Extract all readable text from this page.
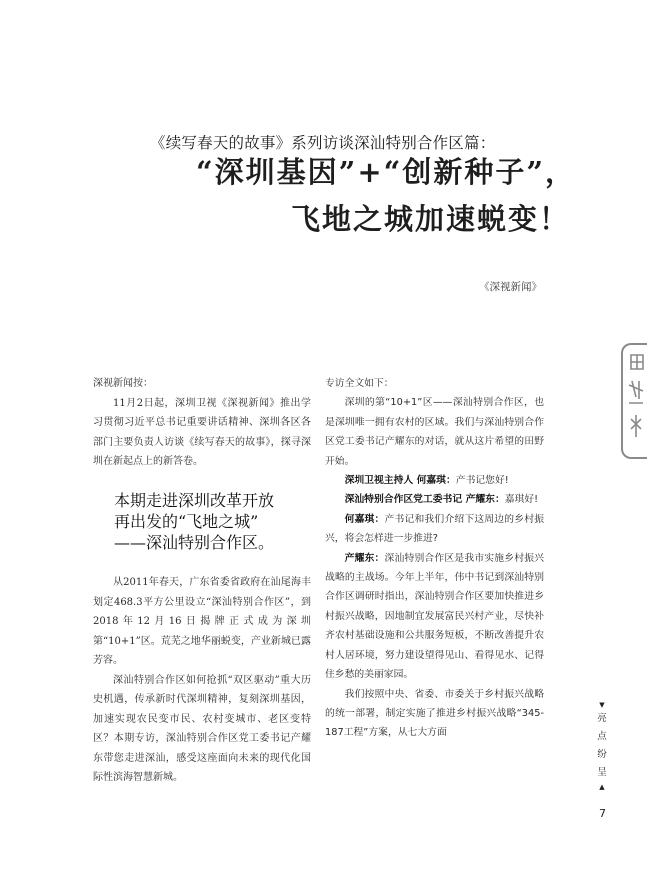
《续写春天的故事》系列访谈深汕特别合作区篇：
“深圳基因”+“创新种子”，
飞地之城加速蜕变！
《深视新闻》

深视新闻按：

11月2日起，深圳卫视《深视新闻》推出学习贯彻习近平总书记重要讲话精神、深圳各区各部门主要负责人访谈《续写春天的故事》，探寻深圳在新起点上的新答卷。

本期走进深圳改革开放
再出发的“飞地之城”
——深汕特别合作区。

从2011年春天，广东省委省政府在汕尾海丰划定468.3平方公里设立“深汕特别合作区”，到2018年12月16日揭牌正式成为深圳第“10+1”区。荒芜之地华丽蜕变，产业新城已露芳容。

深汕特别合作区如何抢抓“双区驱动”重大历史机遇，传承新时代深圳精神，复刻深圳基因，加速实现农民变市民、农村变城市、老区变特区？本期专访，深汕特别合作区党工委书记产耀东带您走进深汕，感受这座面向未来的现代化国际性滨海智慧新城。

专访全文如下：

深圳的第“10+1”区——深汕特别合作区，也是深圳唯一拥有农村的区域。我们与深汕特别合作区党工委书记产耀东的对话，就从这片希望的田野开始。

深圳卫视主持人 何嘉琪：产书记您好!

深汕特别合作区党工委书记 产耀东：嘉琪好!

何嘉琪：产书记和我们介绍下这周边的乡村振兴，将会怎样进一步推进?

产耀东：深汕特别合作区是我市实施乡村振兴战略的主战场。今年上半年，伟中书记到深汕特别合作区调研时指出，深汕特别合作区要加快推进乡村振兴战略，因地制宜发展富民兴村产业，尽快补齐农村基础设施和公共服务短板，不断改善提升农村人居环境，努力建设望得见山、看得见水、记得住乡愁的美丽家园。

我们按照中央、省委、市委关于乡村振兴战略的统一部署，制定实施了推进乡村振兴战略“345-187工程”方案，从七大方面

▼
亮
点
纷
呈
▲
7
